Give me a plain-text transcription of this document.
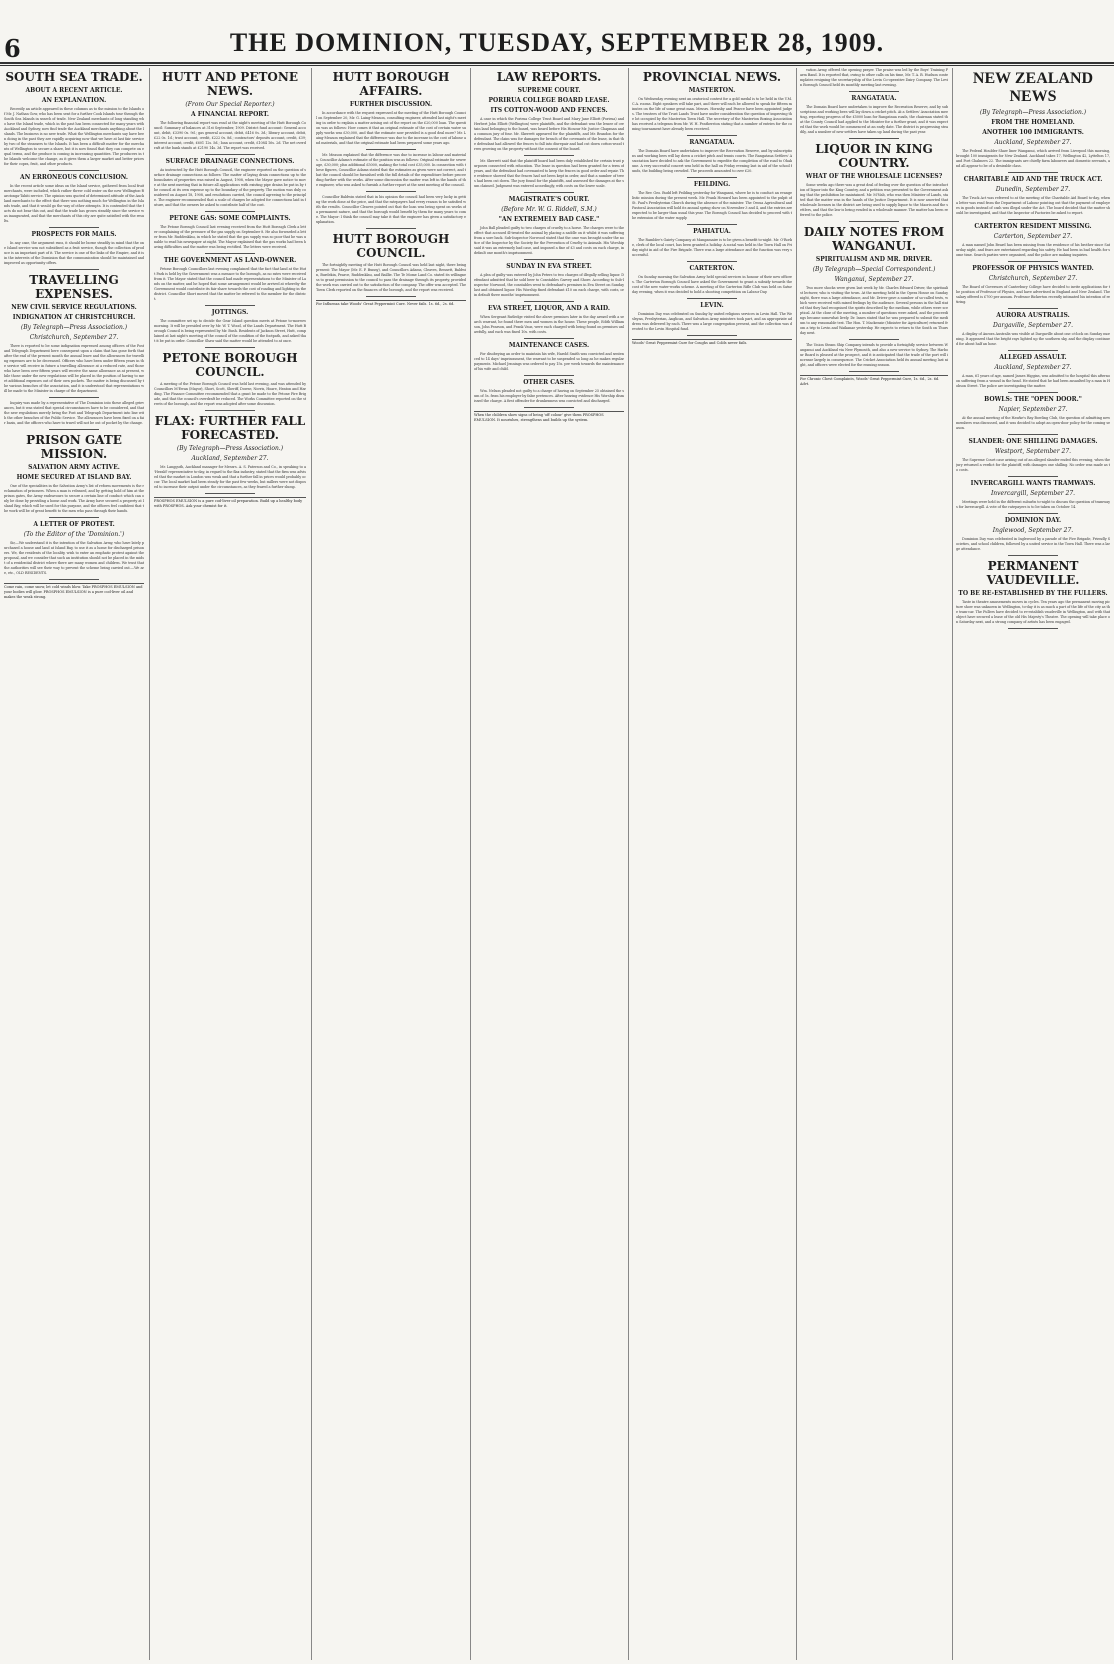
6	THE DOMINION, TUESDAY, SEPTEMBER 28, 1909.
SOUTH SEA TRADE.
ABOUT A RECENT ARTICLE.
AN EXPLANATION.
Recently an article appeared in these columns as to the mission to the Islands of Mr. J. Nathan Gow, who has been sent for a further Cook Islands tour through the South Sea Islands in search of trade. New Zealand merchants of long standing who have the Island trade, which in the past has been connected for many years with Auckland and Sydney, now find trade the Auckland merchants anything about the Islands. The business is no new trade. What the Wellington merchants say have been doing in the past they are rapidly acquiring now that we have at last fair service by two of the steamers to the Islands. It has been a difficult matter for the merchants of Wellington to secure a share, but it is now found that they can compete on equal terms, and the produce is coming in increasing quantities. The producers in the Islands welcome the change, as it gives them a larger market and better prices for their copra, fruit, and other products.
AN ERRONEOUS CONCLUSION.
In the recent article some ideas on the Island service, gathered from local fruit merchants, were included, which rather threw cold water on the new Wellington-Rarotonga-Tahiti service. The opinion was quoted of determined attitude of the Auckland merchants to the effect that there was nothing much for Wellington in the Islands trade, and that it would go the way of other attempts. It is contended that the facts do not bear this out, and that the trade has grown steadily since the service was inaugurated, and that the merchants of this city are quite satisfied with the results.
PROSPECTS FOR MAILS.
In any case, the argument runs, it should be borne steadily in mind that the one Island service was not subsidised as a fruit service, though the collection of produce is an important part of it. The service is one of the links of the Empire, and it is in the interests of the Dominion that the communication should be maintained and improved as opportunity offers.
TRAVELLING EXPENSES.
NEW CIVIL SERVICE REGULATIONS.
INDIGNATION AT CHRISTCHURCH.
(By Telegraph—Press Association.)
Christchurch, September 27.
There is reported to be some indignation expressed among officers of the Post and Telegraph Department here consequent upon a claim that has gone forth that after the end of the present month the annual leave and the allowances for travelling expenses are to be decreased. Officers who have been under fifteen years in the service will receive in future a travelling allowance at a reduced rate, and those who have been over fifteen years will receive the same allowance as at present, while those under the new regulations will be placed in the position of having to meet additional expenses out of their own pockets. The matter is being discussed by the various branches of the association, and it is understood that representations will be made to the Minister in charge of the department.
Inquiry was made by a representative of The Dominion into these alleged grievances, but it was stated that special circumstances have to be considered, and that the new regulations merely bring the Post and Telegraph Department into line with the other branches of the Public Service. The allowances have been fixed on a fair basis, and the officers who have to travel will not be out of pocket by the change.
PRISON GATE MISSION.
SALVATION ARMY ACTIVE.
HOME SECURED AT ISLAND BAY.
One of the specialities in the Salvation Army's list of reform movements is the reclamation of prisoners. When a man is released, and by getting hold of him at the prison gates, the Army endeavours to secure a certain line of conduct which can only be done by providing a home and work. The Army have secured a property at Island Bay, which will be used for this purpose, and the officers feel confident that the work will be of great benefit to the men who pass through their hands.
A LETTER OF PROTEST.
(To the Editor of the 'Dominion.')
Sir,—We understand it is the intention of the Salvation Army, who have lately purchased a house and land at Island Bay, to use it as a home for discharged prisoners. We, the residents of the locality, wish to enter an emphatic protest against the proposal, and we consider that such an institution should not be placed in the midst of a residential district where there are many women and children. We trust that the authorities will see their way to prevent the scheme being carried out.—We are, etc., OLD RESIDENTS.
Come rain, come snow, let cold winds blow. Take PROSPHOS EMULSION and your bodies will glow. PROSPHOS EMULSION is a pure cod-liver oil and makes the weak strong.
HUTT AND PETONE NEWS.
(From Our Special Reporter.)
A FINANCIAL REPORT.
The following financial report was read at the night's meeting of the Hutt Borough Council: Summary of balances at 31st September, 1909. District fund account: General account, debit, £3390 0s. 9d.; gas general account, debit, £416 0s. 3d.; library account, debit, £22 0s. 1d.; trust account, credit, £222 0s. 8d.; contractors' deposits account, credit, £39; interest account, credit, £601 12s. 5d.; loan account, credit, £1084 16s. 2d. The net overdraft at the bank stands at £2190 14s. 3d. The report was received.
SURFACE DRAINAGE CONNECTIONS.
As instructed by the Hutt Borough Council, the engineer reported on the question of surface drainage connections as follows: The matter of laying drain connections up to the boundaries of properties was raised in August, 1908, when the Mayor gave notice to move at the next meeting that in future all applications with existing pipe drains be put in by the council at its own expense up to the boundary of the property. The motion was duly considered on August 18, 1908, and resolutions carried, the council agreeing to the principle. The engineer recommended that a scale of charges be adopted for connections laid in future, and that the owners be asked to contribute half of the cost.
PETONE GAS: SOME COMPLAINTS.
The Petone Borough Council last evening received from the Hutt Borough Clerk a letter complaining of the pressure of the gas supply on September 8. He also forwarded a letter from Mr. Ruddenklau, in which he stated that the gas supply was so poor that he was unable to read his newspaper at night. The Mayor explained that the gas works had been having difficulties and the matter was being rectified. The letters were received.
THE GOVERNMENT AS LAND-OWNER.
Petone Borough Councillors last evening complained that the fact that land at the Hutt Park is held by the Government was a menace to the borough, as no rates were received from it. The Mayor stated that the council had made representations to the Minister of Lands on the matter, and he hoped that some arrangement would be arrived at whereby the Government would contribute its fair share towards the cost of roading and lighting in the district. Councillor Short moved that the matter be referred to the member for the district.
JOTTINGS.
The committee set up to decide the Gear Island question meets at Petone to-morrow morning. It will be presided over by Mr. W. T. Wood, of the Lands Department. The Hutt Borough Council is being represented by Mr. Bush. Residents of Jackson Street, Hutt, complained at last night's meeting of the council of the condition of the footpath, and asked that it be put in order. Councillor Shaw said the matter would be attended to at once.
PETONE BOROUGH COUNCIL.
A meeting of the Petone Borough Council was held last evening, and was attended by Councillors M'Ewan (Mayor), Short, Scott, Sheriff, Dowse, Norris, Hoare, Heaton and Harding. The Finance Committee recommended that a grant be made to the Petone Fire Brigade, and that the council's overdraft be reduced. The Works Committee reported on the streets of the borough, and the report was adopted after some discussion.
FLAX: FURTHER FALL FORECASTED.
(By Telegraph—Press Association.)
Auckland, September 27.
Mr. Langguth, Auckland manager for Messrs. A. S. Paterson and Co., in speaking to a 'Herald' representative to-day, in regard to the flax industry, stated that the firm was advised that the market in London was weak and that a further fall in prices would probably occur. The local market had been steady for the past few weeks, but millers were not disposed to increase their output under the circumstances, as they feared a further slump.
PROSPHOS EMULSION is a pure cod-liver oil preparation. Build up a healthy body with PROSPHOS. Ask your chemist for it.
HUTT BOROUGH AFFAIRS.
FURTHER DISCUSSION.
In accordance with the request expressed at the meeting of the Hutt Borough Council on September 20, Mr. G. Laing-Meason, consulting engineer, attended last night's meeting in order to explain a matter arising out of the report on the £20,000 loan. The question was as follows: How comes it that an original estimate of the cost of certain water supply works was £30,000, and that the estimate now provided is a good deal more? Mr. Laing-Meason explained that the difference was due to the increase in the cost of labour and materials, and that the original estimate had been prepared some years ago.
Mr. Meason explained that the difference was due to increase in labour and materials. Councillor Adams's estimate of the position was as follows: Original estimate for sewerage, £30,000; plus additional £5000, making the total cost £35,000. In connection with these figures, Councillor Adams stated that the estimates as given were not correct, and that the council should be furnished with the full details of the expenditure before proceeding further with the works. After some discussion the matter was left in the hands of the engineer, who was asked to furnish a further report at the next meeting of the council.
Councillor Baldwin stated that in his opinion the council had been very lucky in getting the work done at the price, and that the ratepayers had every reason to be satisfied with the results. Councillor Cleaves pointed out that the loan was being spent on works of a permanent nature, and that the borough would benefit by them for many years to come. The Mayor: I think the council may take it that the engineer has given a satisfactory explanation.
HUTT BOROUGH COUNCIL.
The fortnightly meeting of the Hutt Borough Council was held last night, there being present: The Mayor (Mr. E. P. Bunny), and Councillors Adams, Cleaves, Bennett, Baldwin, Burdekin, Pearce, Ruddenklau, and Baillie. The Te Mome Land Co. stated its willingness to grant permission to the council to pass the drainage through its property, provided the work was carried out to the satisfaction of the company. The offer was accepted. The Town Clerk reported on the finances of the borough, and the report was received.
For Influenza take Woods' Great Peppermint Cure. Never fails. 1s. 6d., 2s. 6d.
LAW REPORTS.
SUPREME COURT.
PORIRUA COLLEGE BOARD LEASE.
ITS COTTON-WOOD AND FENCES.
A case in which the Porirua College Trust Board and Mary Jane Elliott (Porirua) and Herbert John Elliott (Wellington) were plaintiffs, and the defendant was the lessee of certain land belonging to the board, was heard before His Honour Mr. Justice Chapman and a common jury of four. Mr. Skerrett appeared for the plaintiffs, and Mr. Brandon for the defendant. The claim was for damages for breach of the covenants of the lease, in that the defendant had allowed the fences to fall into disrepair and had cut down cotton-wood trees growing on the property without the consent of the board.
Mr. Skerrett said that the plaintiff board had been duly established for certain trust purposes connected with education. The lease in question had been granted for a term of years, and the defendant had covenanted to keep the fences in good order and repair. The evidence showed that the fences had not been kept in order, and that a number of trees had been cut down. The jury found for the plaintiffs, and assessed the damages at the sum claimed. Judgment was entered accordingly, with costs on the lower scale.
MAGISTRATE'S COURT.
(Before Mr. W. G. Riddell, S.M.)
"AN EXTREMELY BAD CASE."
John Ball pleaded guilty to two charges of cruelty to a horse. The charges were to the effect that accused ill-treated the animal by placing a saddle on it whilst it was suffering from a sore back. Sub-Inspector Norwood stated that the case was brought under the notice of the Inspector by the Society for the Prevention of Cruelty to Animals. His Worship said it was an extremely bad case, and imposed a fine of £3 and costs on each charge, in default one month's imprisonment.
SUNDAY IN EVA STREET.
A plea of guilty was entered by John Peters to two charges of illegally selling liquor. Defendant admitted that he sold beer to Constables Garvey and Shore. According to Sub-Inspector Norwood, the constables went to defendant's premises in Eva Street on Sunday last and obtained liquor. His Worship fined defendant £10 on each charge, with costs, or in default three months' imprisonment.
EVA STREET, LIQUOR, AND A RAID.
When Sergeant Rutledge visited the above premises later in the day armed with a search warrant, he found there men and women in the house. These people, Edith Williamson, John Pearson, and Frank Vaus, were each charged with being found on premises unlawfully, and each was fined 10s. with costs.
MAINTENANCE CASES.
For disobeying an order to maintain his wife, Harold Smith was convicted and sentenced to 14 days' imprisonment, the warrant to be suspended so long as he makes regular payments. Michael Jennings was ordered to pay 15s. per week towards the maintenance of his wife and child.
OTHER CASES.
Wm. Nelson pleaded not guilty to a charge of having on September 25 obtained the sum of 5s. from his employer by false pretences. After hearing evidence His Worship dismissed the charge. A first offender for drunkenness was convicted and discharged.
When the children show signs of being 'off colour' give them PROSPHOS EMULSION. It nourishes, strengthens and builds up the system.
PROVINCIAL NEWS.
MASTERTON.
On Wednesday evening next an oratorical contest for a gold medal is to be held in the Y.M.C.A. rooms. Eight speakers will take part, and there will each be allowed to speak for fifteen minutes on the life of some great man. Messrs. Hornsby and Pearce have been appointed judges. The trustees of the Trust Lands Trust have under consideration the question of improving the lot occupied by the Masterton Town Hall. The secretary of the Masterton Boxing Association has received a telegram from Mr. W. H. Featherston stating that a number of entries for the coming tournament have already been received.
RANGATAUA.
The Domain Board have undertaken to improve the Recreation Reserve, and by subscriptions and working bees will lay down a cricket pitch and tennis courts. The Rangataua Settlers' Association have decided to ask the Government to expedite the completion of the road to Ohakune. A very successful concert was held in the hall on Friday evening last in aid of the school funds, the building being crowded. The proceeds amounted to over £20.
FEILDING.
The Rev. Geo. Budd left Feilding yesterday for Wanganui, where he is to conduct an evangelistic mission during the present week. Mr. Frank Howard has been appointed to the pulpit of St. Paul's Presbyterian Church during the absence of the minister. The Oroua Agricultural and Pastoral Association will hold its annual spring show on November 3 and 4, and the entries are expected to be larger than usual this year. The Borough Council has decided to proceed with the extension of the water supply.
PAHIATUA.
The Rambler's Gaiety Company at Mangamaire is to be given a benefit to-night. Mr. O'Rorke, clerk of the local court, has been granted a holiday. A social was held in the Town Hall on Friday night in aid of the Fire Brigade. There was a large attendance and the function was very successful.
CARTERTON.
On Sunday morning the Salvation Army held special services in honour of their new officers. The Carterton Borough Council have asked the Government to grant a subsidy towards the cost of the new water-works scheme. A meeting of the Carterton Rifle Club was held on Saturday evening, when it was decided to hold a shooting competition on Labour Day.
LEVIN.
Dominion Day was celebrated on Sunday by united religious services in Levin Hall. The Wesleyan, Presbyterian, Anglican, and Salvation Army ministers took part, and an appropriate address was delivered by each. There was a large congregation present, and the collection was devoted to the Levin Hospital fund.
Woods' Great Peppermint Cure for Coughs and Colds never fails.
vation Army, offered the opening prayer. The praise was led by the Boys' Training Farm Band. It is reported that, owing to other calls on his time, Mr. T. A. B. Hudson contemplates resigning the secretaryship of the Levin Co-operative Dairy Company. The Levin Borough Council held its monthly meeting last evening.
RANGATAUA.
The Domain Board have undertaken to improve the Recreation Reserve, and by subscriptions and working bees will lay down a cricket pitch. At a Settlers' Association meeting, reporting progress of the £5000 loan for Rangataua roads, the chairman stated that the County Council had applied to the Minister for a further grant, and it was expected that the work would be commenced at an early date. The district is progressing steadily, and a number of new settlers have taken up land during the past year.
LIQUOR IN KING COUNTRY.
WHAT OF THE WHOLESALE LICENSES?
Some weeks ago there was a great deal of feeling over the question of the introduction of liquor into the King Country, and a petition was presented to the Government asking that the prohibition be maintained. Mr. M'Nab, who was then Minister of Lands, stated that the matter was in the hands of the Justice Department. It is now asserted that wholesale licenses in the district are being used to supply liquor to the Maoris and the settlers, and that the law is being evaded in a wholesale manner. The matter has been referred to the police.
DAILY NOTES FROM WANGANUI.
SPIRITUALISM AND MR. DRIVER.
(By Telegraph—Special Correspondent.)
Wanganui, September 27.
Two more shocks were given last week by Mr. Charles Edward Driver, the spiritualist lecturer, who is visiting the town. At the meeting held in the Opera House on Sunday night, there was a large attendance, and Mr. Driver gave a number of so-called tests, which were received with mixed feelings by the audience. Several persons in the hall stated that they had recognised the spirits described by the medium, while others were sceptical. At the close of the meeting, a number of questions were asked, and the proceedings became somewhat lively. Dr. Innes stated that he was prepared to submit the medium to any reasonable test. The Hon. T. Mackenzie (Minister for Agriculture) returned from a trip to Levin and Waikanae yesterday. He expects to return to the South on Thursday next.
The Union Steam Ship Company intends to provide a fortnightly service between Wanganui and Auckland via New Plymouth, and also a new service to Sydney. The Harbour Board is pleased at the prospect, and it is anticipated that the trade of the port will increase largely in consequence. The Cricket Association held its annual meeting last night, and officers were elected for the ensuing season.
For Chronic Chest Complaints, Woods' Great Peppermint Cure, 1s. 6d., 2s. 6d. Advt.
NEW ZEALAND NEWS
(By Telegraph—Press Association.)
FROM THE HOMELAND.
ANOTHER 100 IMMIGRANTS.
Auckland, September 27.
The Federal Houlder Shaw liner Wanganui, which arrived from Liverpool this morning, brought 100 immigrants for New Zealand. Auckland takes 17, Wellington 42, Lyttelton 17, and Port Chalmers 22. The immigrants are chiefly farm labourers and domestic servants, and all appear to be of a desirable class.
CHARITABLE AID AND THE TRUCK ACT.
Dunedin, September 27.
The Truck Act was referred to at the meeting of the Charitable Aid Board to-day, when a letter was read from the Department of Labour pointing out that the payment of employees in goods instead of cash was illegal under the Act. The board decided that the matter should be investigated, and that the Inspector of Factories be asked to report.
CARTERTON RESIDENT MISSING.
Carterton, September 27.
A man named John Beard has been missing from the residence of his brother since Saturday night, and fears are entertained regarding his safety. He had been in bad health for some time. Search parties were organised, and the police are making inquiries.
PROFESSOR OF PHYSICS WANTED.
Christchurch, September 27.
The Board of Governors of Canterbury College have decided to invite applications for the position of Professor of Physics, and have advertised in England and New Zealand. The salary offered is £700 per annum. Professor Bickerton recently intimated his intention of retiring.
AURORA AUSTRALIS.
Dargaville, September 27.
A display of Aurora Australis was visible at Dargaville about one o'clock on Sunday morning. It appeared that the bright rays lighted up the southern sky, and the display continued for about half an hour.
ALLEGED ASSAULT.
Auckland, September 27.
A man, 61 years of age, named James Higgins, was admitted to the hospital this afternoon suffering from a wound in the head. He stated that he had been assaulted by a man in Hobson Street. The police are investigating the matter.
BOWLS: THE "OPEN DOOR."
Napier, September 27.
At the annual meeting of the Hawke's Bay Bowling Club, the question of admitting new members was discussed, and it was decided to adopt an open-door policy for the coming season.
SLANDER: ONE SHILLING DAMAGES.
Westport, September 27.
The Supreme Court case arising out of an alleged slander ended this evening, when the jury returned a verdict for the plaintiff, with damages one shilling. No order was made as to costs.
INVERCARGILL WANTS TRAMWAYS.
Invercargill, September 27.
Meetings were held in the different suburbs to-night to discuss the question of tramways for Invercargill. A vote of the ratepayers is to be taken on October 14.
DOMINION DAY.
Inglewood, September 27.
Dominion Day was celebrated in Inglewood by a parade of the Fire Brigade, Friendly Societies, and school children, followed by a united service in the Town Hall. There was a large attendance.
PERMANENT VAUDEVILLE.
TO BE RE-ESTABLISHED BY THE FULLERS.
Taste in theatre amusements moves in cycles. Ten years ago the permanent moving picture show was unknown in Wellington, to-day it is as much a part of the life of the city as the tram-car. The Fullers have decided to re-establish vaudeville in Wellington, and with that object have secured a lease of the old His Majesty's Theatre. The opening will take place on Saturday next, and a strong company of artists has been engaged.
